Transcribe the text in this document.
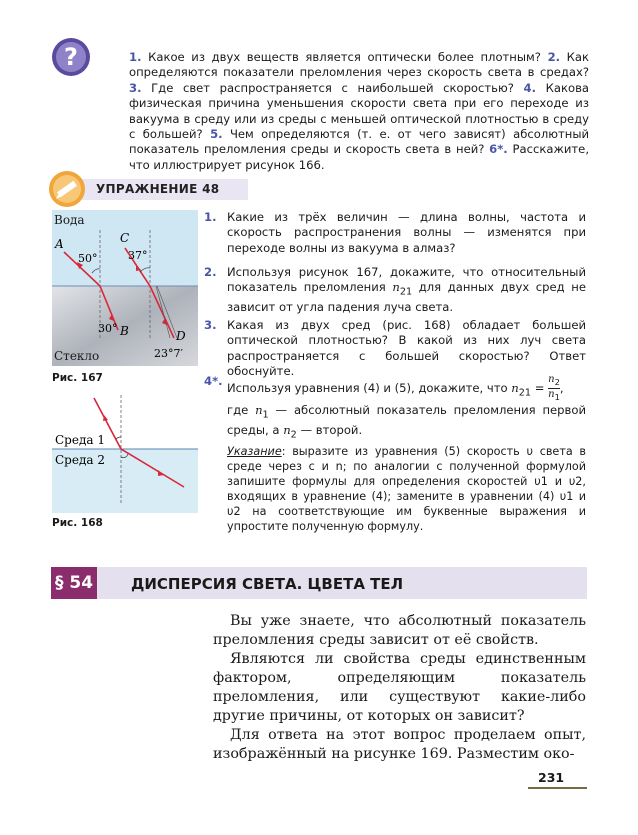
?	1. Какое из двух веществ является оптически более плотным? 2. Как определяются показатели преломления через скорость света в средах? 3. Где свет распространяется с наибольшей скоростью? 4. Какова физическая причина уменьшения скорости света при его переходе из вакуума в среду или из среды с меньшей оптической плотностью в среду с большей? 5. Чем определяются (т. е. от чего зависят) абсолютный показатель преломления среды и скорость света в ней? 6*. Расскажите, что иллюстрирует рисунок 166.
УПРАЖНЕНИЕ 48
1. Какие из трёх величин — длина волны, частота и скорость распространения волны — изменятся при переходе волны из вакуума в алмаз?
2. Используя рисунок 167, докажите, что относительный показатель преломления $n_{21}$ для данных двух сред не зависит от угла падения луча света.
3. Какая из двух сред (рис. 168) обладает большей оптической плотностью? В какой из них луч света распространяется с большей скоростью? Ответ обоснуйте.
4*. Используя уравнения (4) и (5), докажите, что $n_{21} = \frac{n_2}{n_1}$ ,
где $n_1$ — абсолютный показатель преломления первой среды, а $n_2$ — второй.
Указание: выразите из уравнения (5) скорость υ света в среде через c и n; по аналогии с полученной формулой запишите формулы для определения скоростей υ1 и υ2, входящих в уравнение (4); замените в уравнении (4) υ1 и υ2 на соответствующие им буквенные выражения и упростите полученную формулу.
Вода
Стекло
A
B
C
D
50°	37°
30°
23°7′
Рис. 167
Среда 1
Среда 2
Рис. 168
§ 54	ДИСПЕРСИЯ СВЕТА. ЦВЕТА ТЕЛ

Вы уже знаете, что абсолютный показатель преломления среды зависит от её свойств.

Являются ли свойства среды единственным фактором, определяющим показатель преломления, или существуют какие-либо другие причины, от которых он зависит?

Для ответа на этот вопрос проделаем опыт, изображённый на рисунке 169. Разместим око-

231
